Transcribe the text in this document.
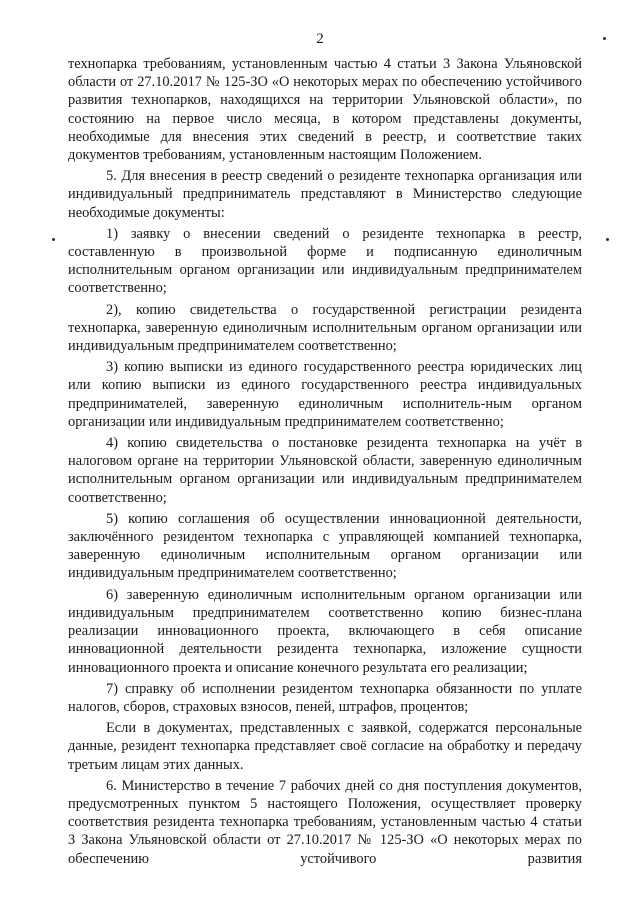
2

технопарка требованиям, установленным частью 4 статьи 3 Закона Ульяновской области от 27.10.2017 № 125-ЗО «О некоторых мерах по обеспечению устойчивого развития технопарков, находящихся на территории Ульяновской области», по состоянию на первое число месяца, в котором представлены документы, необходимые для внесения этих сведений в реестр, и соответствие таких документов требованиям, установленным настоящим Положением.

5. Для внесения в реестр сведений о резиденте технопарка организация или индивидуальный предприниматель представляют в Министерство следующие необходимые документы:

1) заявку о внесении сведений о резиденте технопарка в реестр, составленную в произвольной форме и подписанную единоличным исполнительным органом организации или индивидуальным предпринимателем соответственно;

2), копию свидетельства о государственной регистрации резидента технопарка, заверенную единоличным исполнительным органом организации или индивидуальным предпринимателем соответственно;

3) копию выписки из единого государственного реестра юридических лиц или копию выписки из единого государственного реестра индивидуальных предпринимателей, заверенную единоличным исполнитель-ным органом организации или индивидуальным предпринимателем соответственно;

4) копию свидетельства о постановке резидента технопарка на учёт в налоговом органе на территории Ульяновской области, заверенную единоличным исполнительным органом организации или индивидуальным предпринимателем соответственно;

5) копию соглашения об осуществлении инновационной деятельности, заключённого резидентом технопарка с управляющей компанией технопарка, заверенную единоличным исполнительным органом организации или индивидуальным предпринимателем соответственно;

6) заверенную единоличным исполнительным органом организации или индивидуальным предпринимателем соответственно копию бизнес-плана реализации инновационного проекта, включающего в себя описание инновационной деятельности резидента технопарка, изложение сущности инновационного проекта и описание конечного результата его реализации;

7) справку об исполнении резидентом технопарка обязанности по уплате налогов, сборов, страховых взносов, пеней, штрафов, процентов;

Если в документах, представленных с заявкой, содержатся персональные данные, резидент технопарка представляет своё согласие на обработку и передачу третьим лицам этих данных.

6. Министерство в течение 7 рабочих дней со дня поступления документов, предусмотренных пунктом 5 настоящего Положения, осуществляет проверку соответствия резидента технопарка требованиям, установленным частью 4 статьи 3 Закона Ульяновской области от 27.10.2017 № 125-ЗО «О некоторых мерах по обеспечению устойчивого развития
